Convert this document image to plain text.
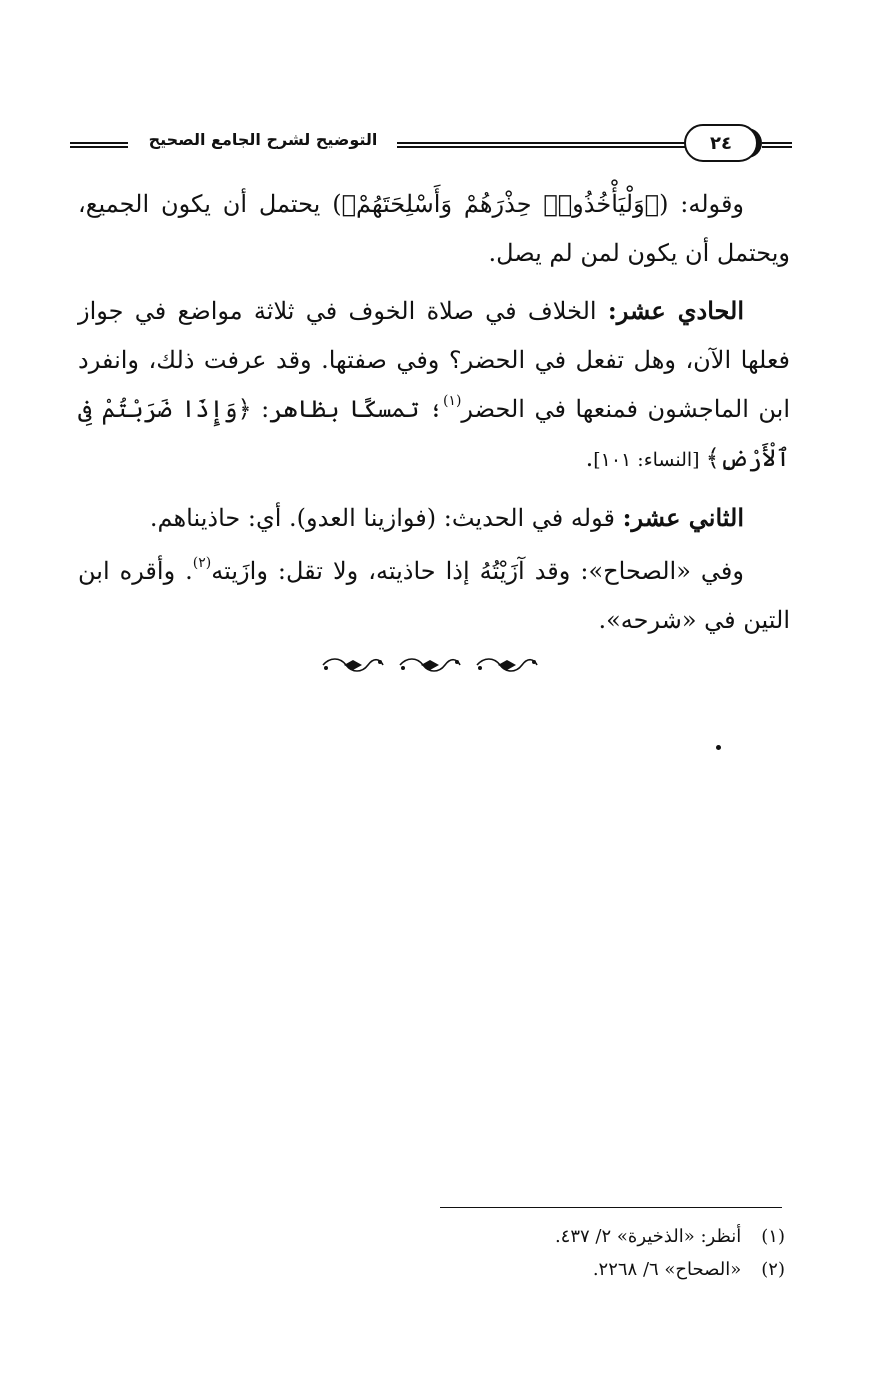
التوضيح لشرح الجامع الصحيح	٢٤

وقوله: (﴿وَلْيَأْخُذُوا۟ حِذْرَهُمْ وَأَسْلِحَتَهُمْ﴾) يحتمل أن يكون الجميع، ويحتمل أن يكون لمن لم يصل.

الحادي عشر: الخلاف في صلاة الخوف في ثلاثة مواضع في جواز فعلها الآن، وهل تفعل في الحضر؟ وفي صفتها. وقد عرفت ذلك، وانفرد ابن الماجشون فمنعها في الحضر$^{(١)}$؛ تمسكًا بظاهر: ﴿وَإِذَا ضَرَبْتُمْ فِى ٱلْأَرْضِ﴾ [النساء: ١٠١].

الثاني عشر: قوله في الحديث: (فوازينا العدو). أي: حاذيناهم.

وفي «الصحاح»: وقد آزَيْتُهُ إذا حاذيته، ولا تقل: وازَيته$^{(٢)}$. وأقره ابن التين في «شرحه».

(١) أنظر: «الذخيرة» ٢/ ٤٣٧.
(٢) «الصحاح» ٦/ ٢٢٦٨.
